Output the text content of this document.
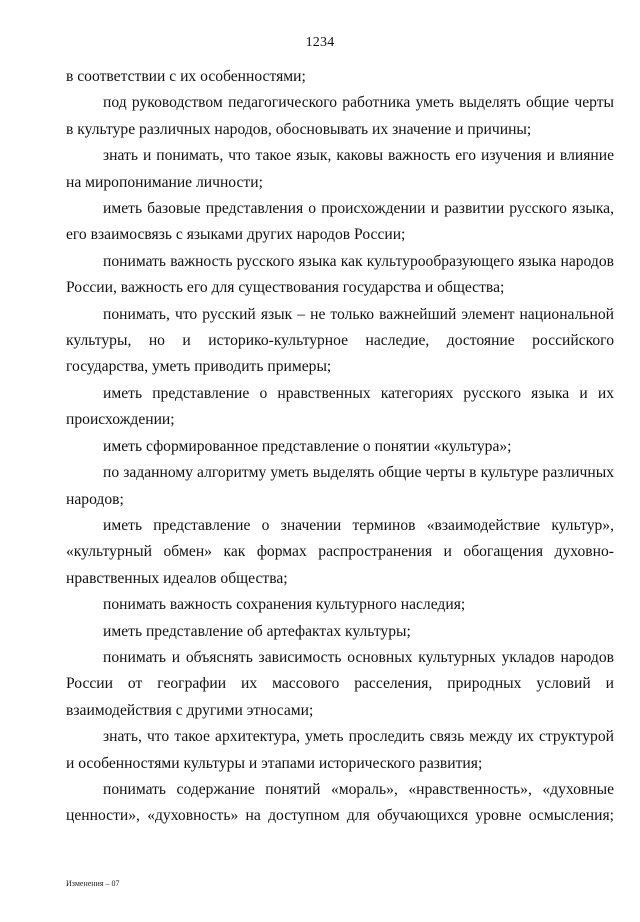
1234

в соответствии с их особенностями;

под руководством педагогического работника уметь выделять общие черты в культуре различных народов, обосновывать их значение и причины;

знать и понимать, что такое язык, каковы важность его изучения и влияние на миропонимание личности;

иметь базовые представления о происхождении и развитии русского языка, его взаимосвязь с языками других народов России;

понимать важность русского языка как культурообразующего языка народов России, важность его для существования государства и общества;

понимать, что русский язык – не только важнейший элемент национальной культуры, но и историко-культурное наследие, достояние российского государства, уметь приводить примеры;

иметь представление о нравственных категориях русского языка и их происхождении;

иметь сформированное представление о понятии «культура»;

по заданному алгоритму уметь выделять общие черты в культуре различных народов;

иметь представление о значении терминов «взаимодействие культур», «культурный обмен» как формах распространения и обогащения духовно-нравственных идеалов общества;

понимать важность сохранения культурного наследия;

иметь представление об артефактах культуры;

понимать и объяснять зависимость основных культурных укладов народов России от географии их массового расселения, природных условий и взаимодействия с другими этносами;

знать, что такое архитектура, уметь проследить связь между их структурой и особенностями культуры и этапами исторического развития;

понимать содержание понятий «мораль», «нравственность», «духовные ценности», «духовность» на доступном для обучающихся уровне осмысления;

Изменения – 07
